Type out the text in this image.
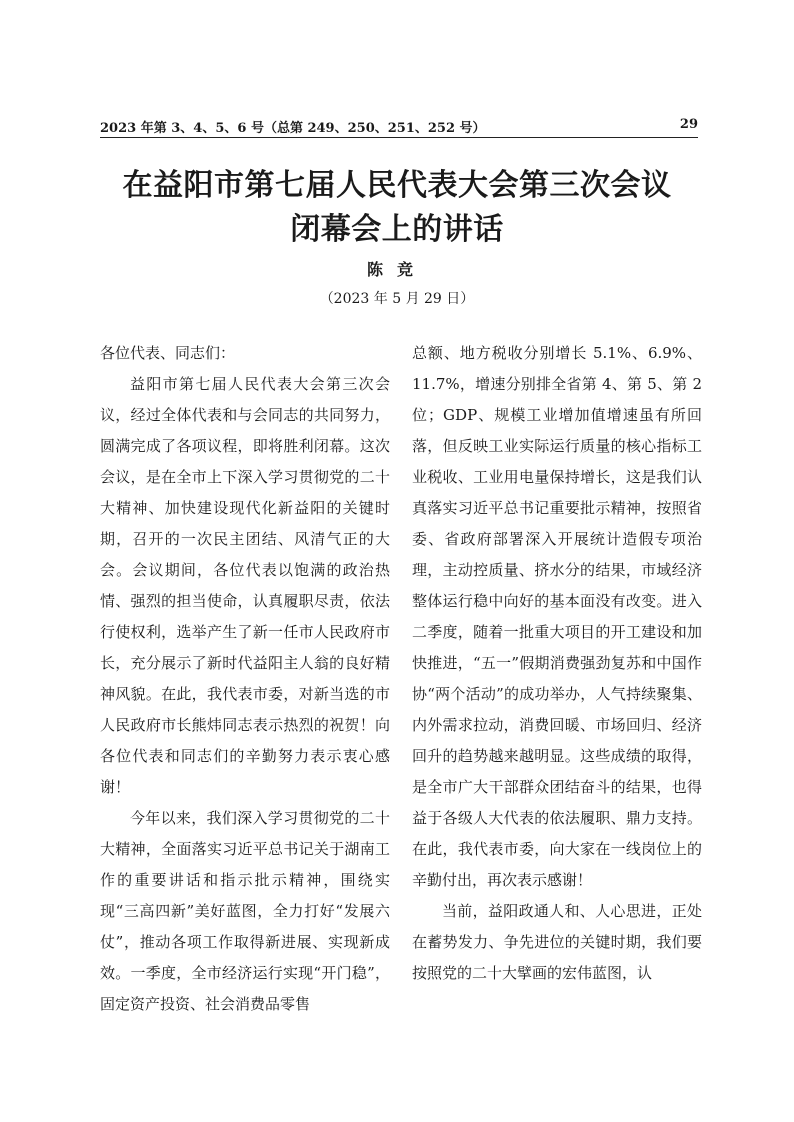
2023 年第 3、4、5、6 号（总第 249、250、251、252 号）	29
在益阳市第七届人民代表大会第三次会议
闭幕会上的讲话
陈竞
（2023 年 5 月 29 日）

各位代表、同志们：

益阳市第七届人民代表大会第三次会议，经过全体代表和与会同志的共同努力，圆满完成了各项议程，即将胜利闭幕。这次会议，是在全市上下深入学习贯彻党的二十大精神、加快建设现代化新益阳的关键时期，召开的一次民主团结、风清气正的大会。会议期间，各位代表以饱满的政治热情、强烈的担当使命，认真履职尽责，依法行使权利，选举产生了新一任市人民政府市长，充分展示了新时代益阳主人翁的良好精神风貌。在此，我代表市委，对新当选的市人民政府市长熊炜同志表示热烈的祝贺！向各位代表和同志们的辛勤努力表示衷心感谢！

今年以来，我们深入学习贯彻党的二十大精神，全面落实习近平总书记关于湖南工作的重要讲话和指示批示精神，围绕实现“三高四新”美好蓝图，全力打好“发展六仗”，推动各项工作取得新进展、实现新成效。一季度，全市经济运行实现“开门稳”，固定资产投资、社会消费品零售

总额、地方税收分别增长 5.1%、6.9%、11.7%，增速分别排全省第 4、第 5、第 2 位；GDP、规模工业增加值增速虽有所回落，但反映工业实际运行质量的核心指标工业税收、工业用电量保持增长，这是我们认真落实习近平总书记重要批示精神，按照省委、省政府部署深入开展统计造假专项治理，主动控质量、挤水分的结果，市域经济整体运行稳中向好的基本面没有改变。进入二季度，随着一批重大项目的开工建设和加快推进，“五一”假期消费强劲复苏和中国作协“两个活动”的成功举办，人气持续聚集、内外需求拉动，消费回暖、市场回归、经济回升的趋势越来越明显。这些成绩的取得，是全市广大干部群众团结奋斗的结果，也得益于各级人大代表的依法履职、鼎力支持。在此，我代表市委，向大家在一线岗位上的辛勤付出，再次表示感谢！

当前，益阳政通人和、人心思进，正处在蓄势发力、争先进位的关键时期，我们要按照党的二十大擘画的宏伟蓝图，认
